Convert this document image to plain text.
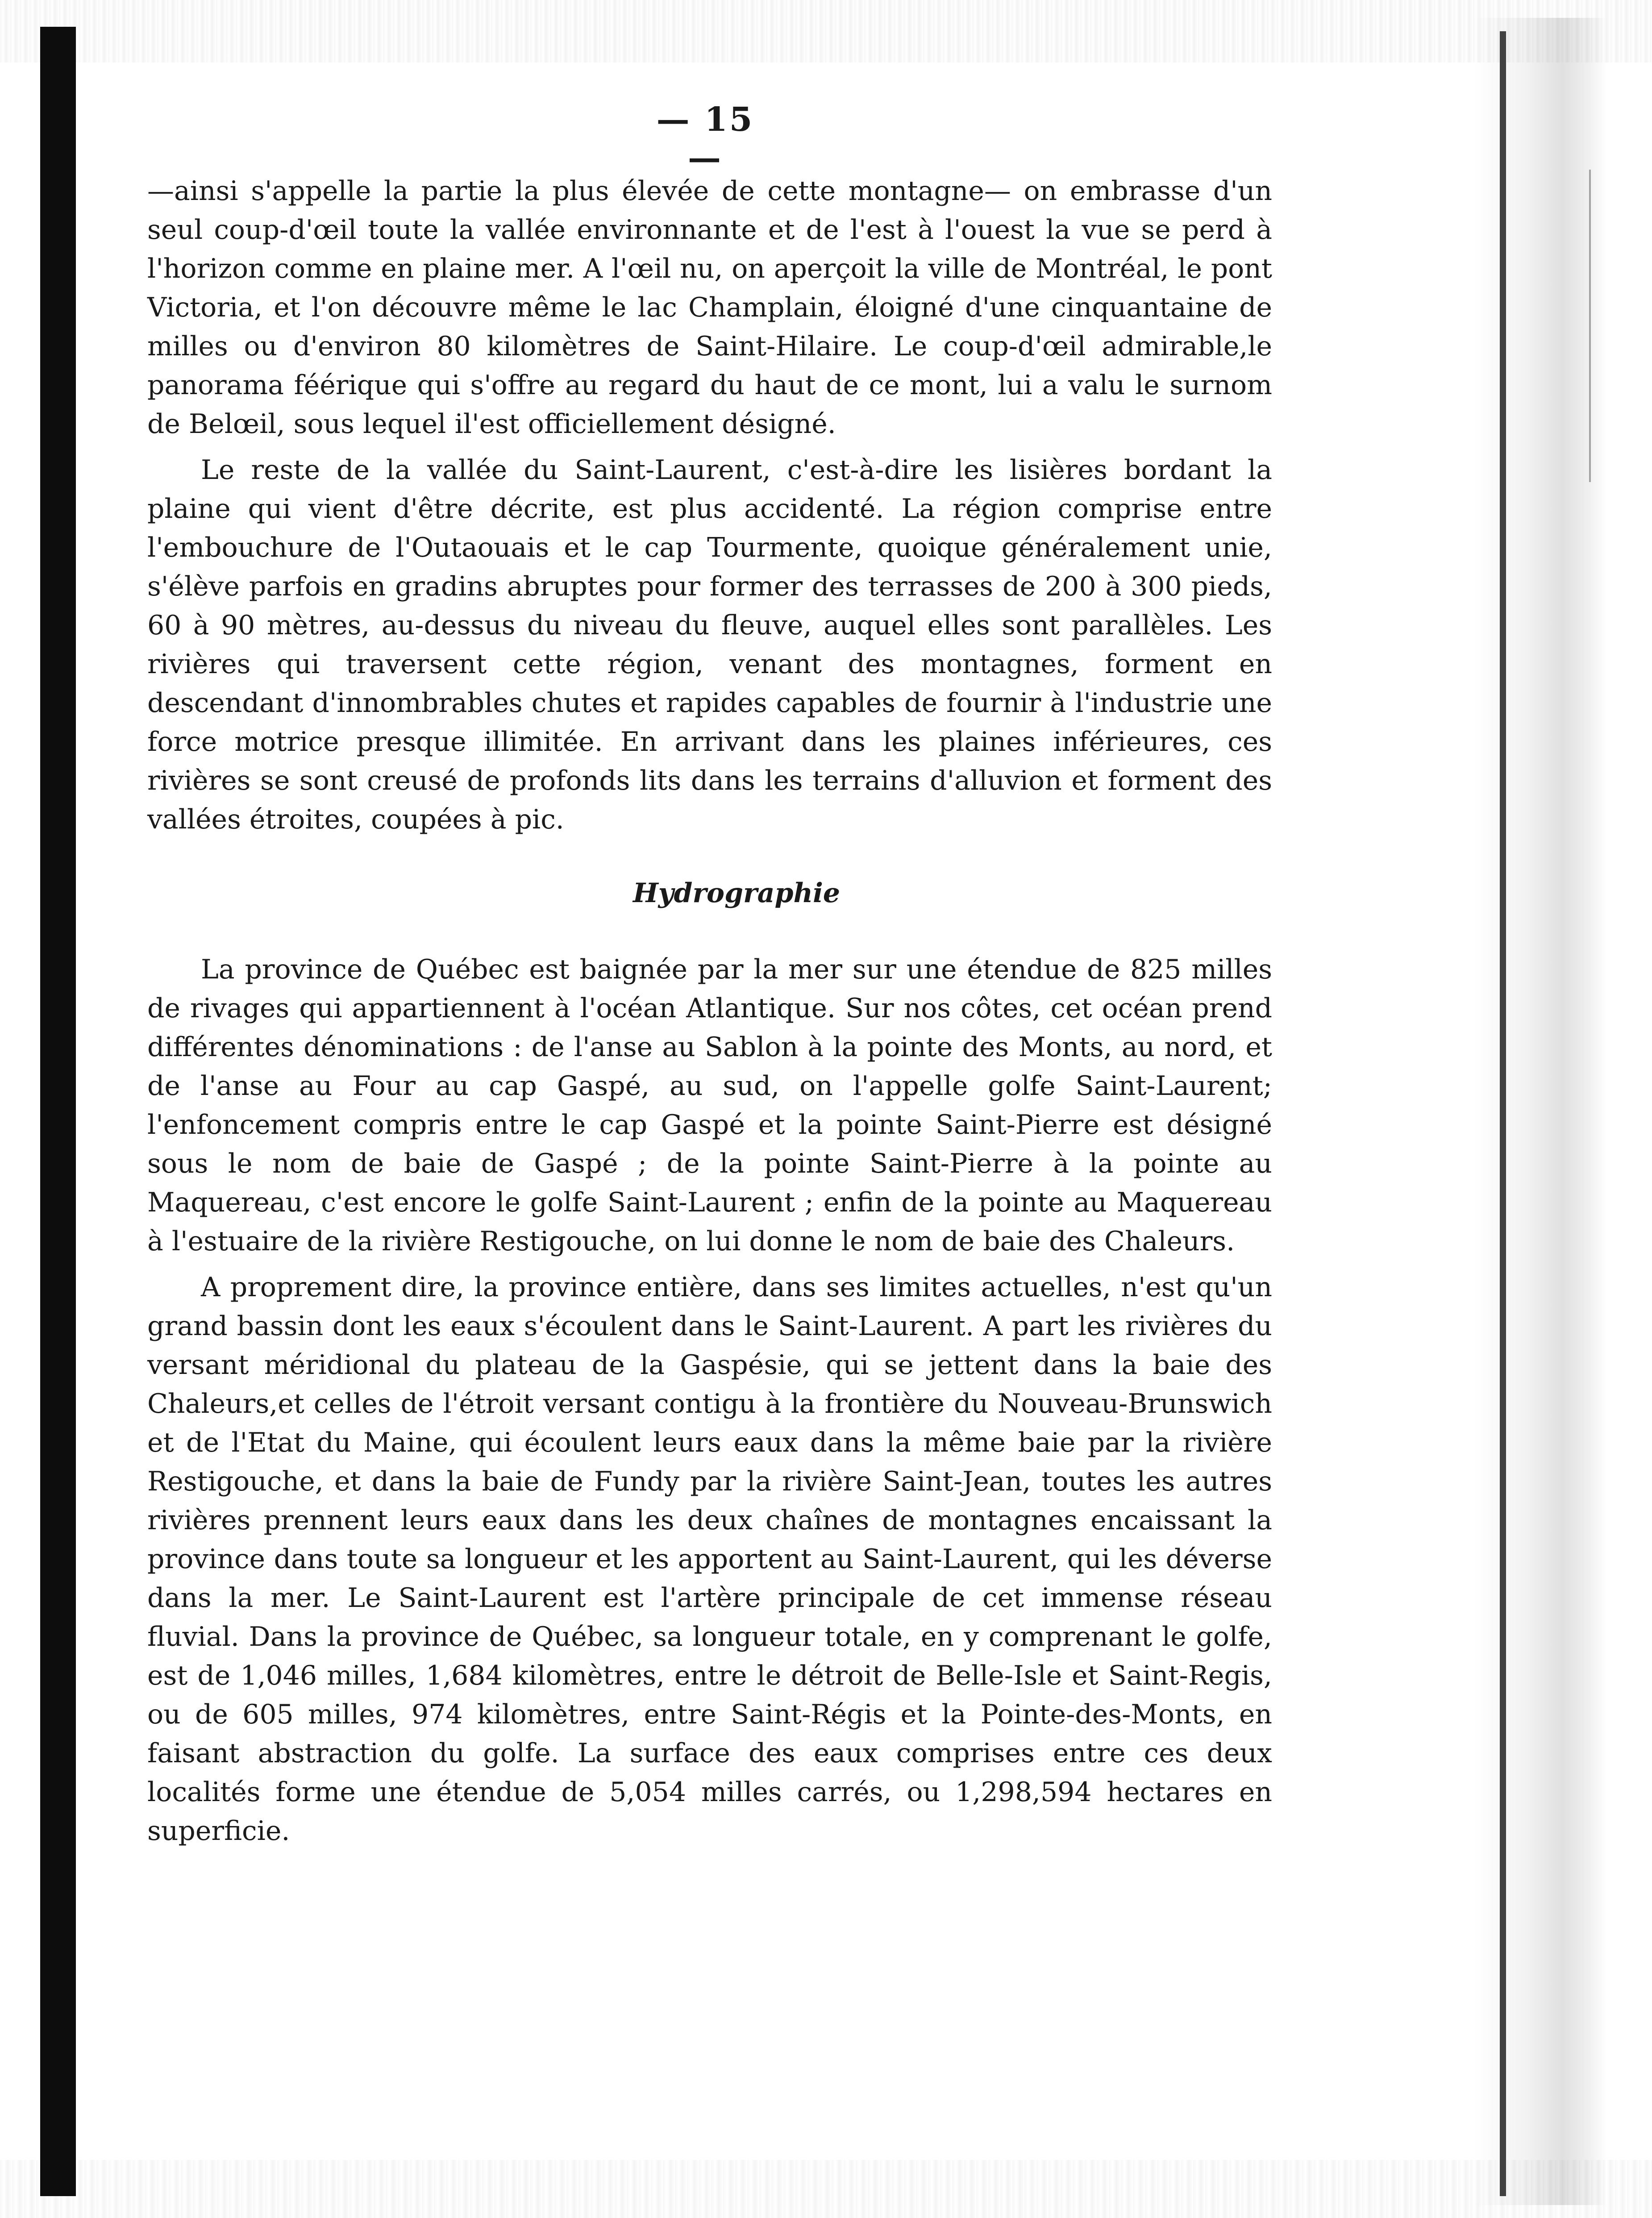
— 15 —

—ainsi s'appelle la partie la plus élevée de cette montagne— on embrasse d'un seul coup-d'œil toute la vallée environnante et de l'est à l'ouest la vue se perd à l'horizon comme en plaine mer. A l'œil nu, on aperçoit la ville de Montréal, le pont Victoria, et l'on découvre même le lac Champlain, éloigné d'une cinquantaine de milles ou d'environ 80 kilomètres de Saint-Hilaire. Le coup-d'œil admirable,le panorama féérique qui s'offre au regard du haut de ce mont, lui a valu le surnom de Belœil, sous lequel il'est officiellement désigné.

Le reste de la vallée du Saint-Laurent, c'est-à-dire les lisières bordant la plaine qui vient d'être décrite, est plus accidenté. La région comprise entre l'embouchure de l'Outaouais et le cap Tourmente, quoique généralement unie, s'élève parfois en gradins abruptes pour former des terrasses de 200 à 300 pieds, 60 à 90 mètres, au-dessus du niveau du fleuve, auquel elles sont parallèles. Les rivières qui traversent cette région, venant des montagnes, forment en descendant d'innombrables chutes et rapides capables de fournir à l'industrie une force motrice presque illimitée. En arrivant dans les plaines inférieures, ces rivières se sont creusé de profonds lits dans les terrains d'alluvion et forment des vallées étroites, coupées à pic.

Hydrographie

La province de Québec est baignée par la mer sur une étendue de 825 milles de rivages qui appartiennent à l'océan Atlantique. Sur nos côtes, cet océan prend différentes dénominations : de l'anse au Sablon à la pointe des Monts, au nord, et de l'anse au Four au cap Gaspé, au sud, on l'appelle golfe Saint-Laurent; l'enfoncement compris entre le cap Gaspé et la pointe Saint-Pierre est désigné sous le nom de baie de Gaspé ; de la pointe Saint-Pierre à la pointe au Maquereau, c'est encore le golfe Saint-Laurent ; enfin de la pointe au Maquereau à l'estuaire de la rivière Restigouche, on lui donne le nom de baie des Chaleurs.

A proprement dire, la province entière, dans ses limites actuelles, n'est qu'un grand bassin dont les eaux s'écoulent dans le Saint-Laurent. A part les rivières du versant méridional du plateau de la Gaspésie, qui se jettent dans la baie des Chaleurs,et celles de l'étroit versant contigu à la frontière du Nouveau-Brunswich et de l'Etat du Maine, qui écoulent leurs eaux dans la même baie par la rivière Restigouche, et dans la baie de Fundy par la rivière Saint-Jean, toutes les autres rivières prennent leurs eaux dans les deux chaînes de montagnes encaissant la province dans toute sa longueur et les apportent au Saint-Laurent, qui les déverse dans la mer. Le Saint-Laurent est l'artère principale de cet immense réseau fluvial. Dans la province de Québec, sa longueur totale, en y comprenant le golfe, est de 1,046 milles, 1,684 kilomètres, entre le détroit de Belle-Isle et Saint-Regis, ou de 605 milles, 974 kilomètres, entre Saint-Régis et la Pointe-des-Monts, en faisant abstraction du golfe. La surface des eaux comprises entre ces deux localités forme une étendue de 5,054 milles carrés, ou 1,298,594 hectares en superficie.
